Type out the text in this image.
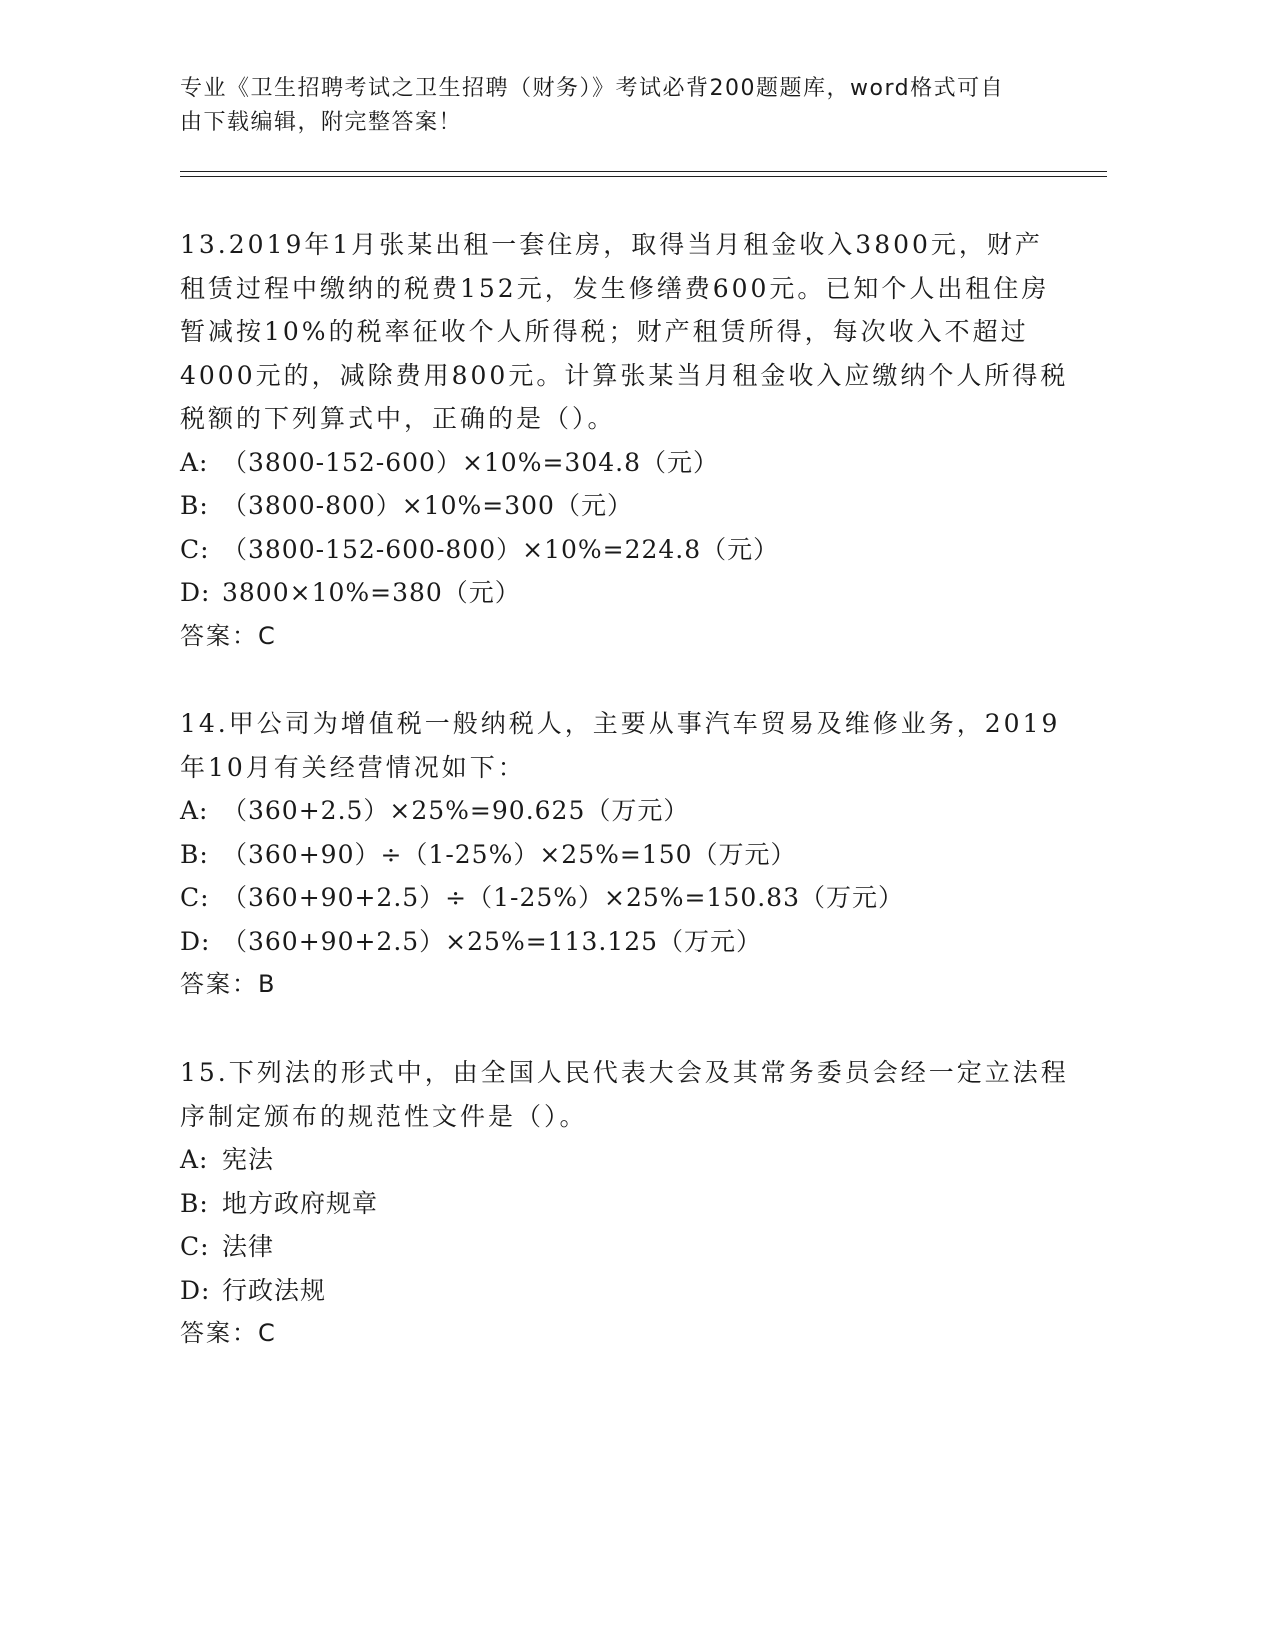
专业《卫生招聘考试之卫生招聘（财务）》考试必背200题题库，word格式可自
由下载编辑，附完整答案！

13.2019年1月张某出租一套住房，取得当月租金收入3800元，财产租赁过程中缴纳的税费152元，发生修缮费600元。已知个人出租住房暂减按10%的税率征收个人所得税；财产租赁所得，每次收入不超过4000元的，减除费用800元。计算张某当月租金收入应缴纳个人所得税税额的下列算式中，正确的是（）。

A: （3800-152-600）×10%=304.8（元）

B: （3800-800）×10%=300（元）

C: （3800-152-600-800）×10%=224.8（元）

D: 3800×10%=380（元）

答案：C

14.甲公司为增值税一般纳税人，主要从事汽车贸易及维修业务，2019年10月有关经营情况如下：

A: （360+2.5）×25%=90.625（万元）

B: （360+90）÷（1-25%）×25%=150（万元）

C: （360+90+2.5）÷（1-25%）×25%=150.83（万元）

D: （360+90+2.5）×25%=113.125（万元）

答案：B

15.下列法的形式中，由全国人民代表大会及其常务委员会经一定立法程序制定颁布的规范性文件是（）。

A: 宪法

B: 地方政府规章

C: 法律

D: 行政法规

答案：C
